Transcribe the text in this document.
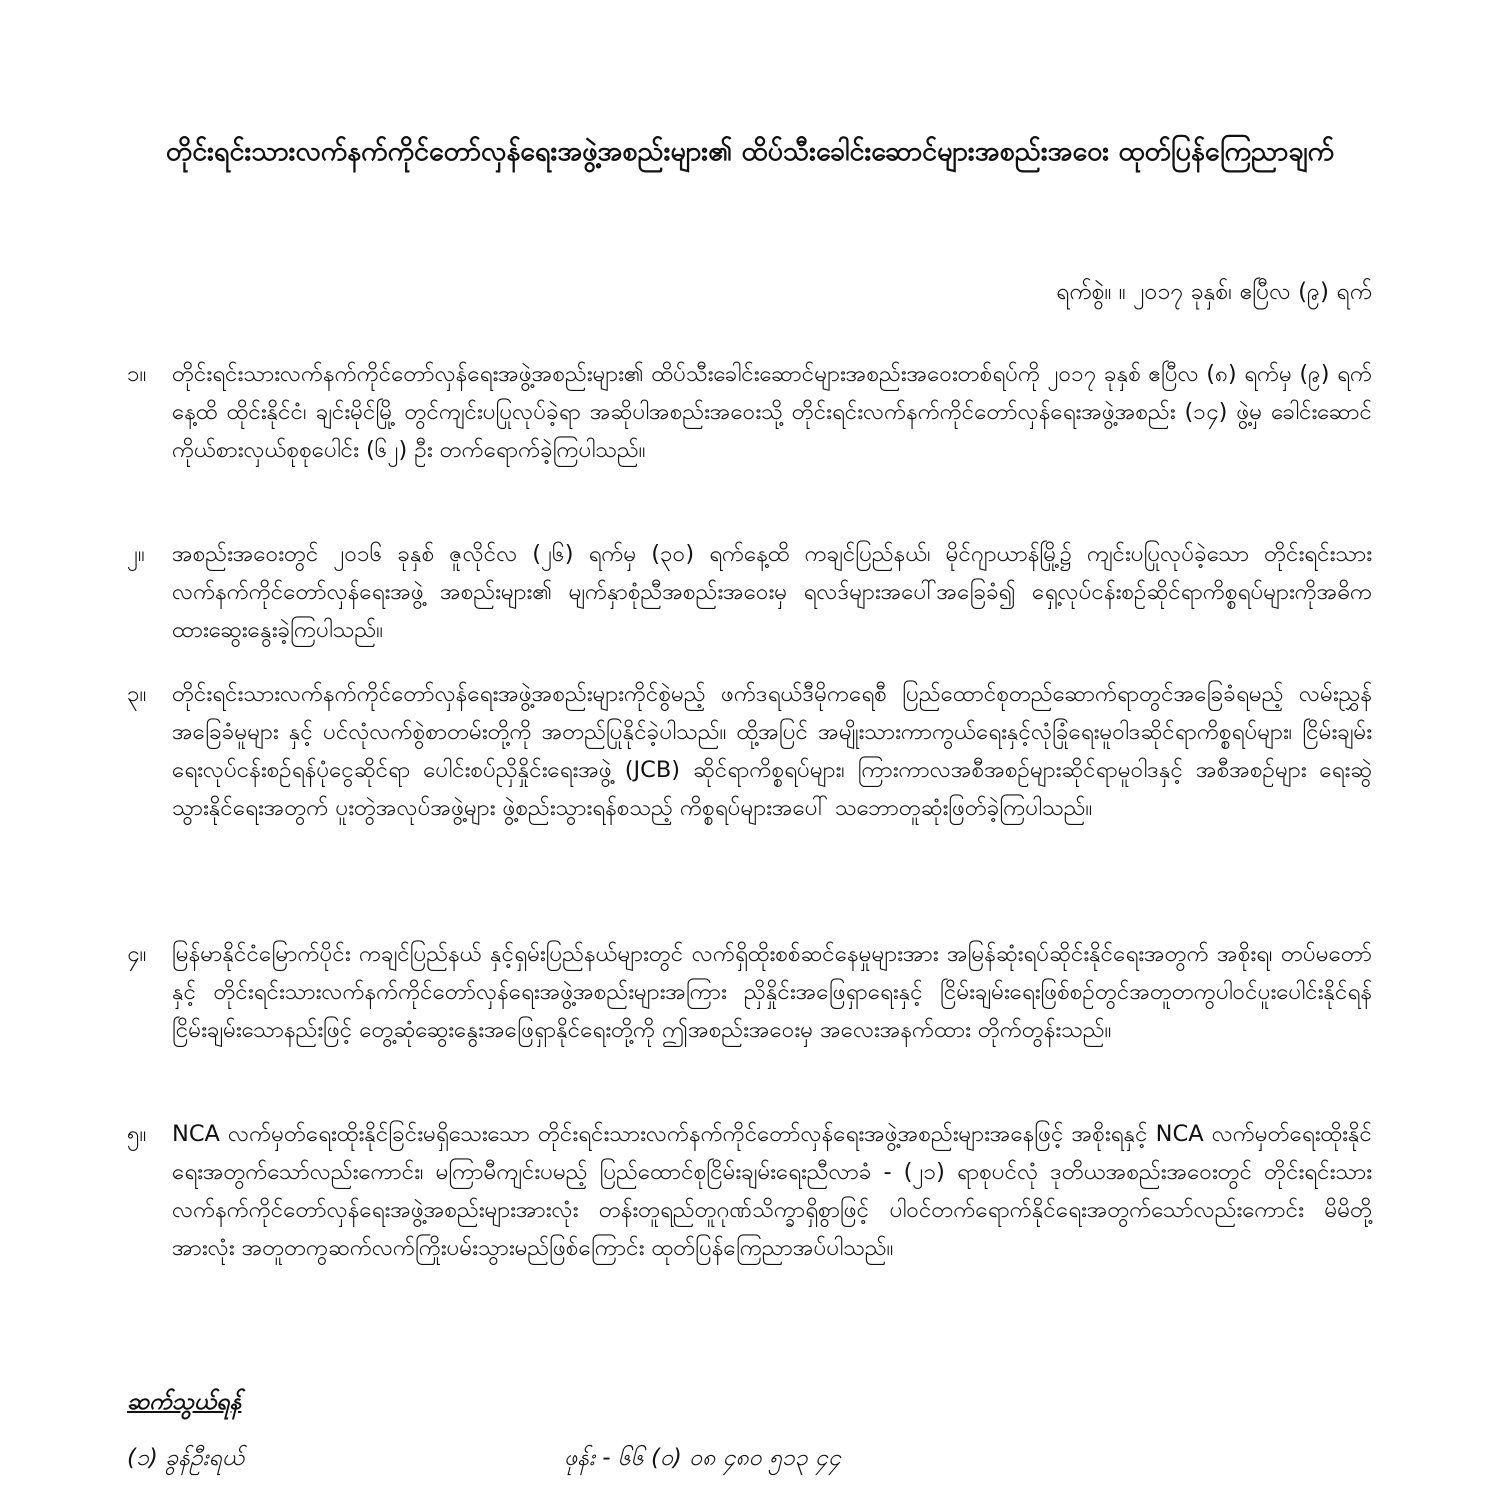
တိုင်းရင်းသားလက်နက်ကိုင်တော်လှန်ရေးအဖွဲ့အစည်းများ၏ ထိပ်သီးခေါင်းဆောင်များအစည်းအဝေး ထုတ်ပြန်ကြေညာချက်
ရက်စွဲ။ ။ ၂၀၁၇ ခုနှစ်၊ ဧပြီလ (၉) ရက်
၁။	တိုင်းရင်းသားလက်နက်ကိုင်တော်လှန်ရေးအဖွဲ့အစည်းများ၏ ထိပ်သီးခေါင်းဆောင်များအစည်းအဝေးတစ်ရပ်ကို ၂၀၁၇ ခုနှစ် ဧပြီလ (၈) ရက်မှ (၉) ရက်နေ့ထိ ထိုင်းနိုင်ငံ၊ ချင်းမိုင်မြို့ တွင်ကျင်းပပြုလုပ်ခဲ့ရာ အဆိုပါအစည်းအဝေးသို့ တိုင်းရင်းလက်နက်ကိုင်တော်လှန်ရေးအဖွဲ့အစည်း (၁၄) ဖွဲ့မှ ခေါင်းဆောင်ကိုယ်စားလှယ်စုစုပေါင်း (၆၂) ဦး တက်ရောက်ခဲ့ကြပါသည်။
၂။	အစည်းအဝေးတွင် ၂၀၁၆ ခုနှစ် ဇူလိုင်လ (၂၆) ရက်မှ (၃၀) ရက်နေ့ထိ ကချင်ပြည်နယ်၊ မိုင်ဂျာယာန်မြို့၌ ကျင်းပပြုလုပ်ခဲ့သော တိုင်းရင်းသားလက်နက်ကိုင်တော်လှန်ရေးအဖွဲ့ အစည်းများ၏ မျက်နှာစုံညီအစည်းအဝေးမှ ရလဒ်များအပေါ်အခြေခံ၍ ရှေ့လုပ်ငန်းစဉ်ဆိုင်ရာကိစ္စရပ်များကိုအဓိကထားဆွေးနွေးခဲ့ကြပါသည်။
၃။	တိုင်းရင်းသားလက်နက်ကိုင်တော်လှန်ရေးအဖွဲ့အစည်းများကိုင်စွဲမည့် ဖက်ဒရယ်ဒီမိုကရေစီ ပြည်ထောင်စုတည်ဆောက်ရာတွင်အခြေခံရမည့် လမ်းညွှန်အခြေခံမူများ နှင့် ပင်လုံလက်စွဲစာတမ်းတို့ကို အတည်ပြုနိုင်ခဲ့ပါသည်။ ထို့အပြင် အမျိုးသားကာကွယ်ရေးနှင့်လုံခြုံရေးမူဝါဒဆိုင်ရာကိစ္စရပ်များ၊ ငြိမ်းချမ်းရေးလုပ်ငန်းစဉ်ရန်ပုံငွေဆိုင်ရာ ပေါင်းစပ်ညှိနှိုင်းရေးအဖွဲ့ (JCB) ဆိုင်ရာကိစ္စရပ်များ၊ ကြားကာလအစီအစဉ်များဆိုင်ရာမူဝါဒနှင့် အစီအစဉ်များ ရေးဆွဲသွားနိုင်ရေးအတွက် ပူးတွဲအလုပ်အဖွဲ့များ ဖွဲ့စည်းသွားရန်စသည့် ကိစ္စရပ်များအပေါ် သဘောတူဆုံးဖြတ်ခဲ့ကြပါသည်။
၄။	မြန်မာနိုင်ငံမြောက်ပိုင်း ကချင်ပြည်နယ် နှင့်ရှမ်းပြည်နယ်များတွင် လက်ရှိထိုးစစ်ဆင်နေမှုများအား အမြန်ဆုံးရပ်ဆိုင်းနိုင်ရေးအတွက် အစိုးရ၊ တပ်မတော်နှင့် တိုင်းရင်းသားလက်နက်ကိုင်တော်လှန်ရေးအဖွဲ့အစည်းများအကြား ညှိနှိုင်းအဖြေရှာရေးနှင့် ငြိမ်းချမ်းရေးဖြစ်စဉ်တွင်အတူတကွပါဝင်ပူးပေါင်းနိုင်ရန် ငြိမ်းချမ်းသောနည်းဖြင့် တွေ့ဆုံဆွေးနွေးအဖြေရှာနိုင်ရေးတို့ကို ဤအစည်းအဝေးမှ အလေးအနက်ထား တိုက်တွန်းသည်။
၅။	NCA လက်မှတ်ရေးထိုးနိုင်ခြင်းမရှိသေးသော တိုင်းရင်းသားလက်နက်ကိုင်တော်လှန်ရေးအဖွဲ့အစည်းများအနေဖြင့် အစိုးရနှင့် NCA လက်မှတ်ရေးထိုးနိုင်ရေးအတွက်သော်လည်းကောင်း၊ မကြာမီကျင်းပမည့် ပြည်ထောင်စုငြိမ်းချမ်းရေးညီလာခံ - (၂၁) ရာစုပင်လုံ ဒုတိယအစည်းအဝေးတွင် တိုင်းရင်းသားလက်နက်ကိုင်တော်လှန်ရေးအဖွဲ့အစည်းများအားလုံး တန်းတူရည်တူဂုဏ်သိက္ခာရှိစွာဖြင့် ပါဝင်တက်ရောက်နိုင်ရေးအတွက်သော်လည်းကောင်း မိမိတို့အားလုံး အတူတကွဆက်လက်ကြိုးပမ်းသွားမည်ဖြစ်ကြောင်း ထုတ်ပြန်ကြေညာအပ်ပါသည်။
ဆက်သွယ်ရန်
(၁) ခွန်ဦးရယ်	ဖုန်း - ၆၆ (၀) ၀၈ ၄၈၀ ၅၁၃ ၄၄
